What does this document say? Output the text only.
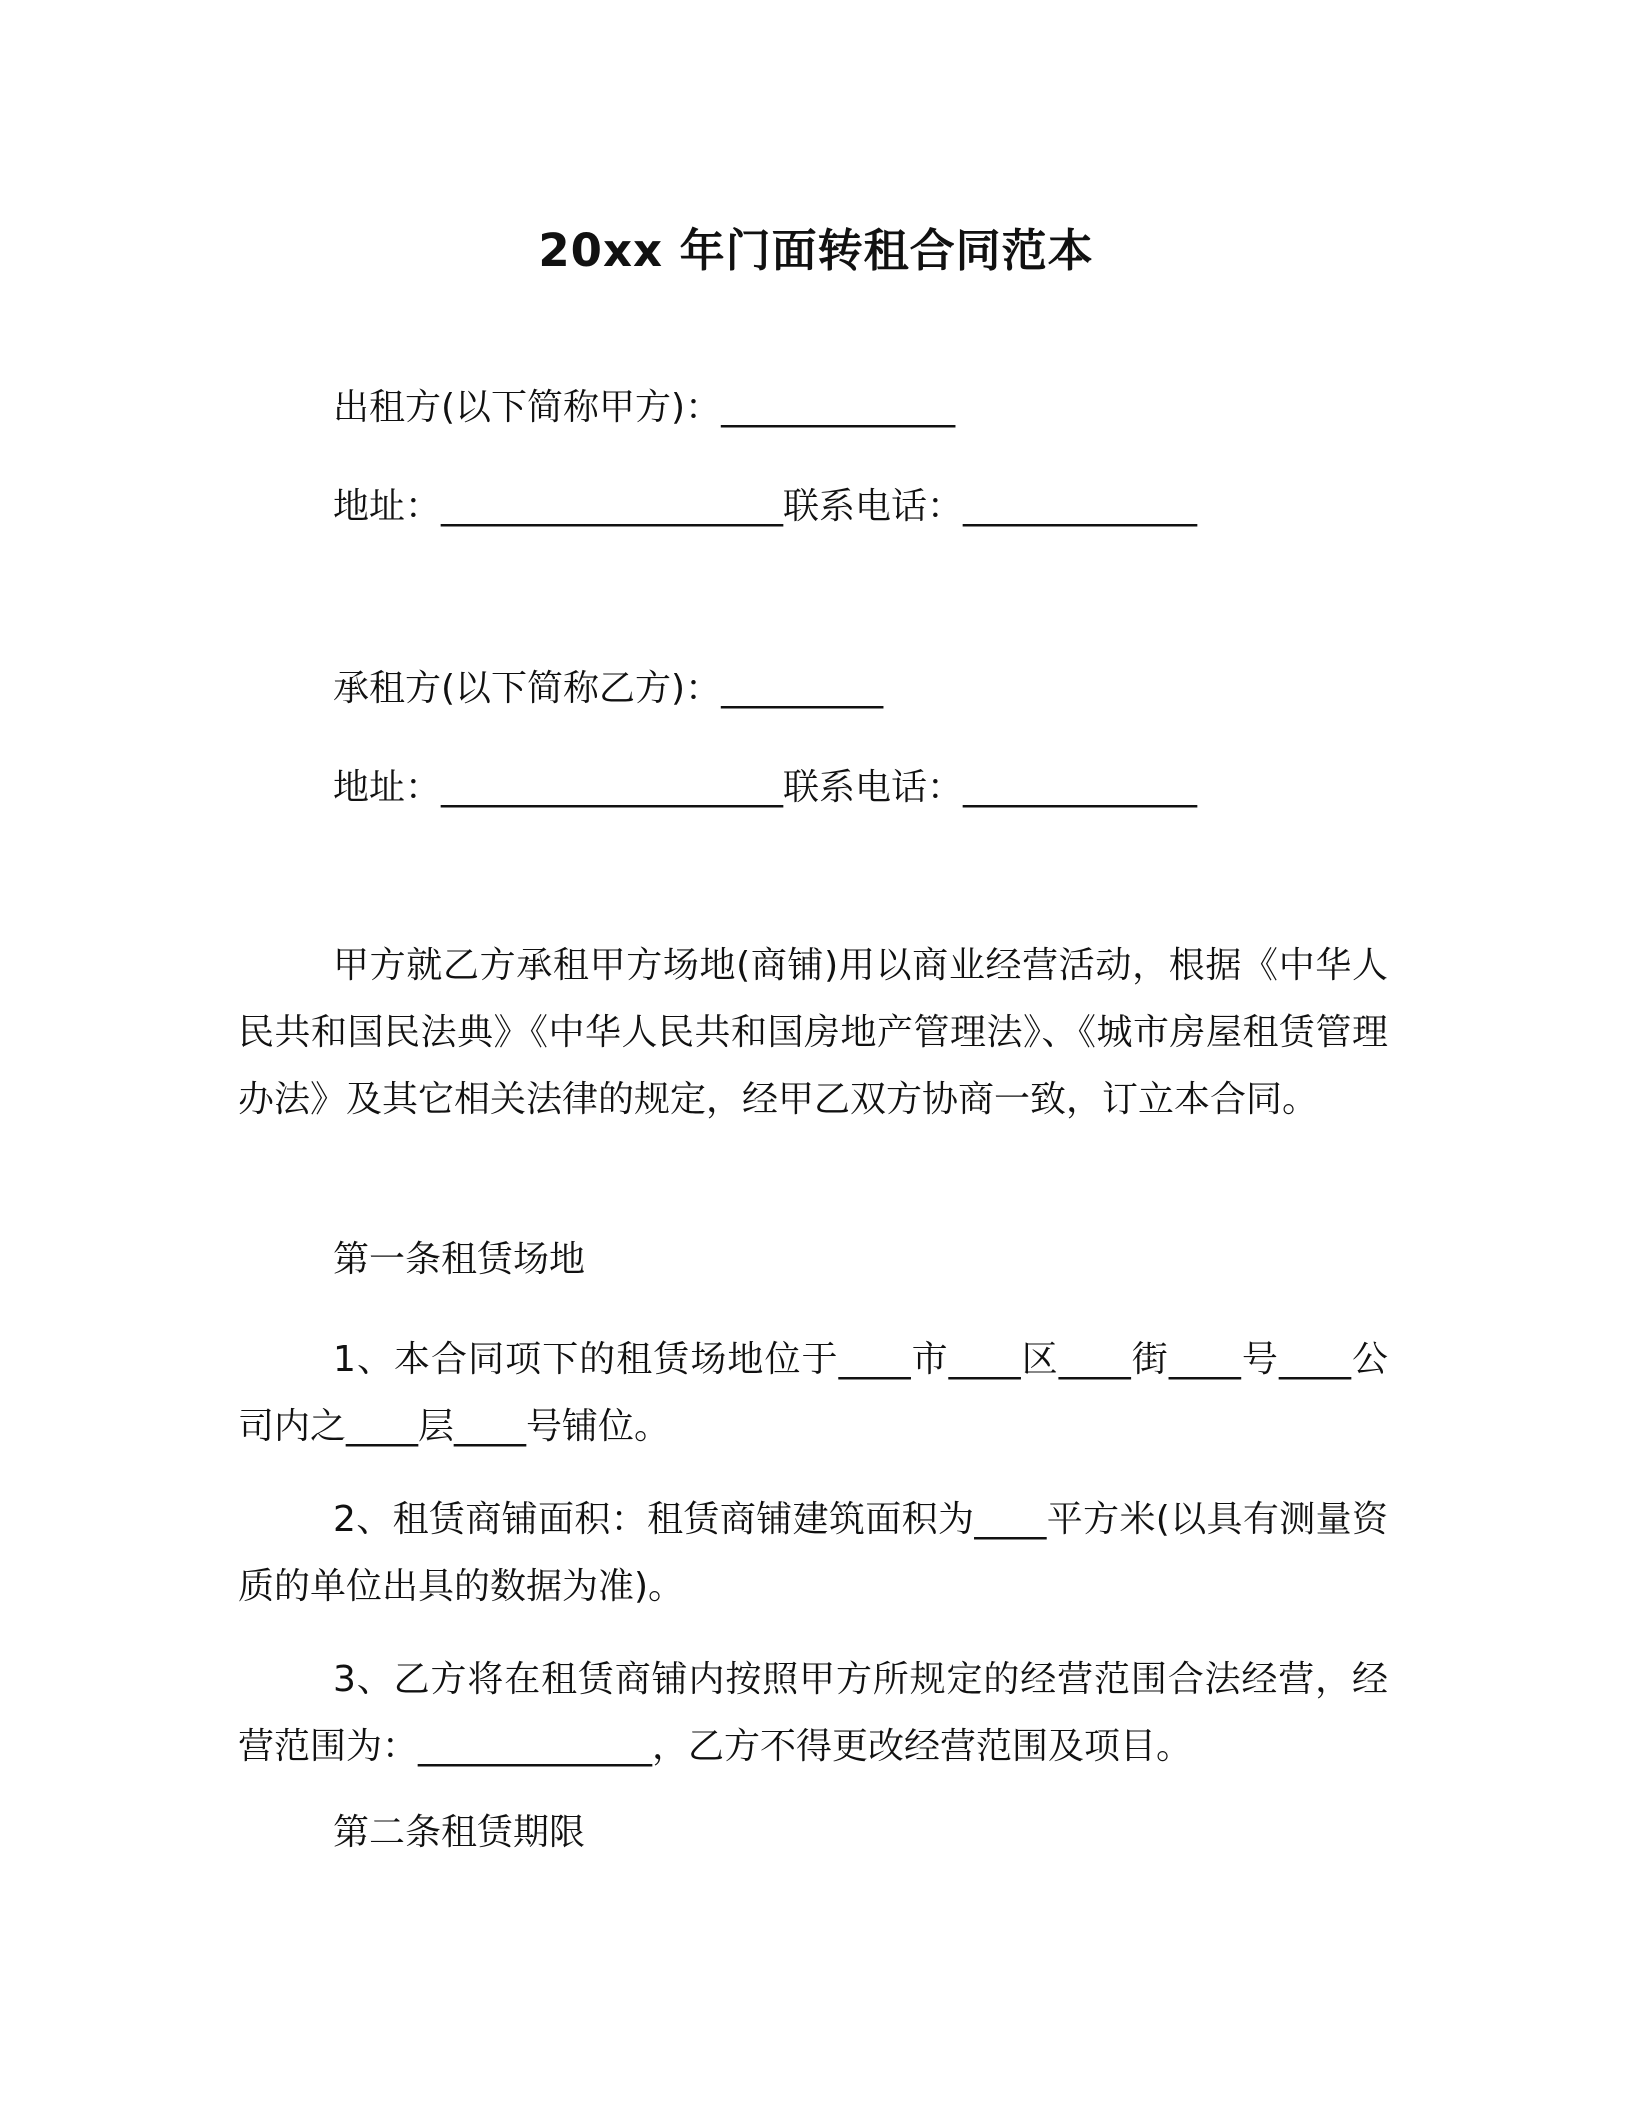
20xx 年门面转租合同范本
出租方(以下简称甲方)：_____________
地址：___________________联系电话：_____________
承租方(以下简称乙方)：_________
地址：___________________联系电话：_____________

甲方就乙方承租甲方场地(商铺)用以商业经营活动，根据《中华人民共和国民法典》《中华人民共和国房地产管理法》、《城市房屋租赁管理办法》及其它相关法律的规定，经甲乙双方协商一致，订立本合同。

第一条租赁场地

1、本合同项下的租赁场地位于____市____区____街____号____公司内之____层____号铺位。

2、租赁商铺面积：租赁商铺建筑面积为____平方米(以具有测量资质的单位出具的数据为准)。

3、乙方将在租赁商铺内按照甲方所规定的经营范围合法经营，经营范围为：_____________，乙方不得更改经营范围及项目。

第二条租赁期限
